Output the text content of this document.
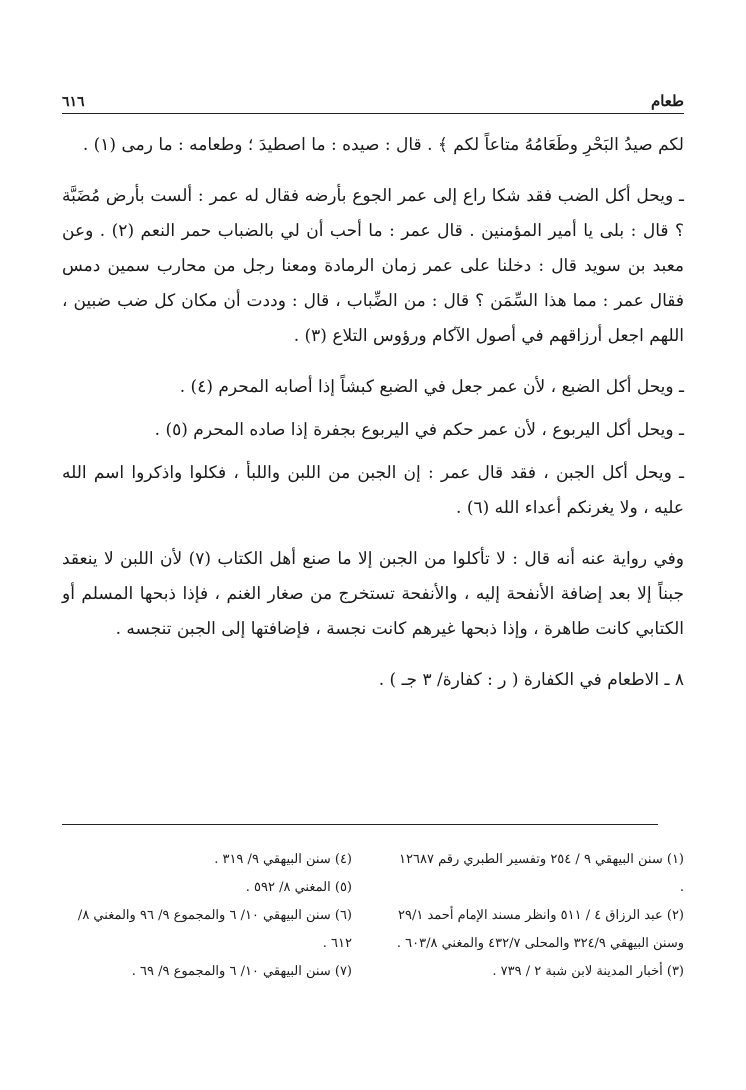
طعام
٦١٦

لكم صيدُ البَحْرِ وطَعَامُهُ متاعاً لكم ﴾ . قال : صيده : ما اصطيدَ ؛ وطعامه : ما رمى (١) .

ـ ويحل أكل الضب فقد شكا راع إلى عمر الجوع بأرضه فقال له عمر : ألست بأرض مُضَبَّة ؟ قال : بلى يا أمير المؤمنين . قال عمر : ما أحب أن لي بالضباب حمر النعم (٢) . وعن معبد بن سويد قال : دخلنا على عمر زمان الرمادة ومعنا رجل من محارب سمين دمس فقال عمر : مما هذا السِّمَن ؟ قال : من الضِّباب ، قال : وددت أن مكان كل ضب ضبين ، اللهم اجعل أرزاقهم في أصول الآكام ورؤوس التلاع (٣) .

ـ ويحل أكل الضبع ، لأن عمر جعل في الضبع كبشاً إذا أصابه المحرم (٤) .

ـ ويحل أكل اليربوع ، لأن عمر حكم في اليربوع بجفرة إذا صاده المحرم (٥) .

ـ ويحل أكل الجبن ، فقد قال عمر : إن الجبن من اللبن واللبأ ، فكلوا واذكروا اسم الله عليه ، ولا يغرنكم أعداء الله (٦) .

وفي رواية عنه أنه قال : لا تأكلوا من الجبن إلا ما صنع أهل الكتاب (٧) لأن اللبن لا ينعقد جبناً إلا بعد إضافة الأنفحة إليه ، والأنفحة تستخرج من صغار الغنم ، فإذا ذبحها المسلم أو الكتابي كانت طاهرة ، وإذا ذبحها غيرهم كانت نجسة ، فإضافتها إلى الجبن تنجسه .

٨ ـ الاطعام في الكفارة ( ر : كفارة/ ٣ جـ ) .

(١) سنن البيهقي ٩ / ٢٥٤ وتفسير الطبري رقم ١٢٦٨٧ .

(٢) عبد الرزاق ٤ / ٥١١ وانظر مسند الإمام أحمد ٢٩/١ وسنن البيهقي ٣٢٤/٩ والمحلى ٤٣٢/٧ والمغني ٦٠٣/٨ .

(٣) أخبار المدينة لابن شبة ٢ / ٧٣٩ .

(٤) سنن البيهقي ٩/ ٣١٩ .

(٥) المغني ٨/ ٥٩٢ .

(٦) سنن البيهقي ١٠/ ٦ والمجموع ٩/ ٩٦ والمغني ٨/ ٦١٢ .

(٧) سنن البيهقي ١٠/ ٦ والمجموع ٩/ ٦٩ .
